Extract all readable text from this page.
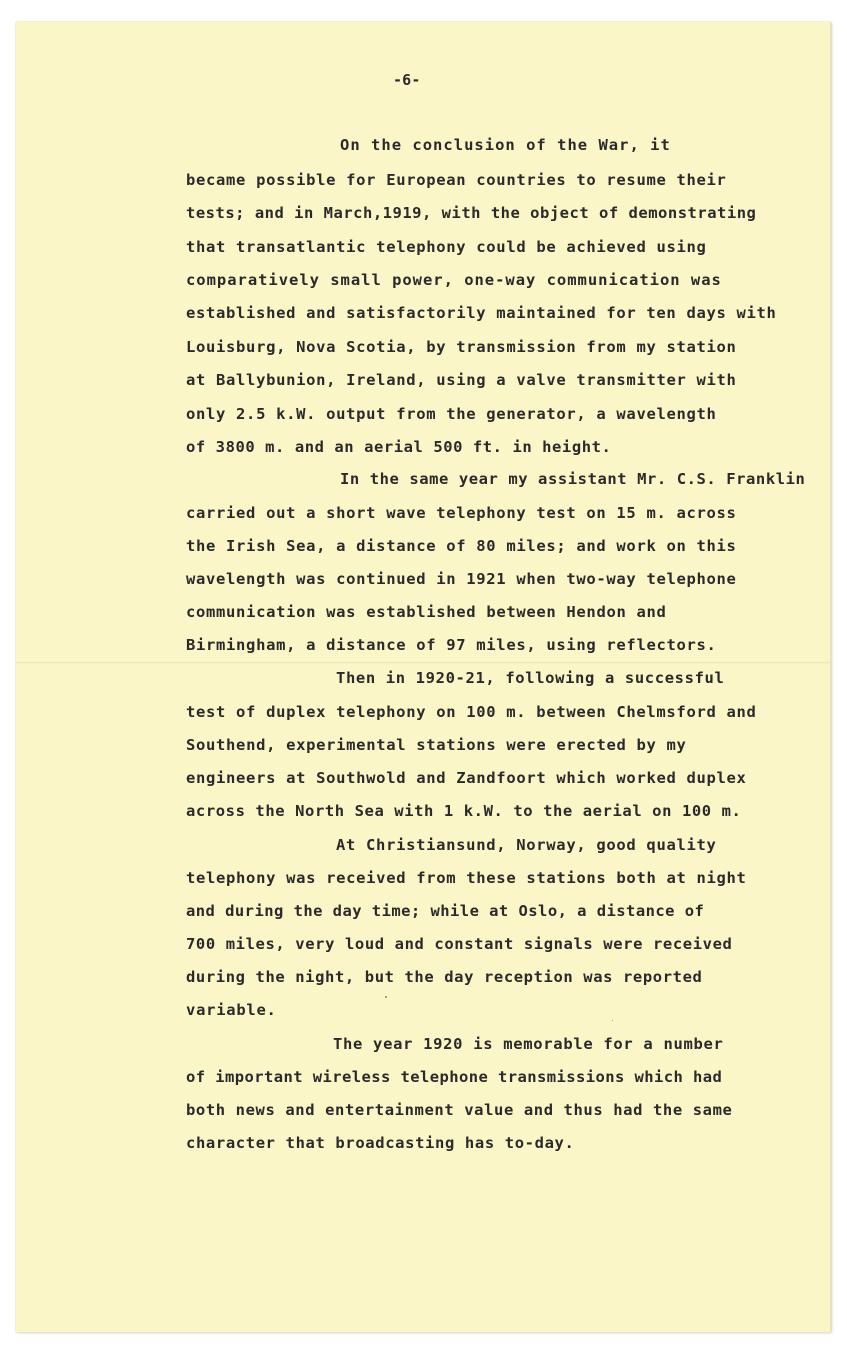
-6-
On the conclusion of the War, it
became possible for European countries to resume their
tests; and in March,1919, with the object of demonstrating
that transatlantic telephony could be achieved using
comparatively small power, one-way communication was
established and satisfactorily maintained for ten days with
Louisburg, Nova Scotia, by transmission from my station
at Ballybunion, Ireland, using a valve transmitter with
only 2.5 k.W. output from the generator, a wavelength
of 3800 m. and an aerial 500 ft. in height.
In the same year my assistant Mr. C.S. Franklin
carried out a short wave telephony test on 15 m. across
the Irish Sea, a distance of 80 miles; and work on this
wavelength was continued in 1921 when two-way telephone
communication was established between Hendon and
Birmingham, a distance of 97 miles, using reflectors.
Then in 1920-21, following a successful
test of duplex telephony on 100 m. between Chelmsford and
Southend, experimental stations were erected by my
engineers at Southwold and Zandfoort which worked duplex
across the North Sea with 1 k.W. to the aerial on 100 m.
At Christiansund, Norway, good quality
telephony was received from these stations both at night
and during the day time; while at Oslo, a distance of
700 miles, very loud and constant signals were received
during the night, but the day reception was reported
variable.
The year 1920 is memorable for a number
of important wireless telephone transmissions which had
both news and entertainment value and thus had the same
character that broadcasting has to-day.
